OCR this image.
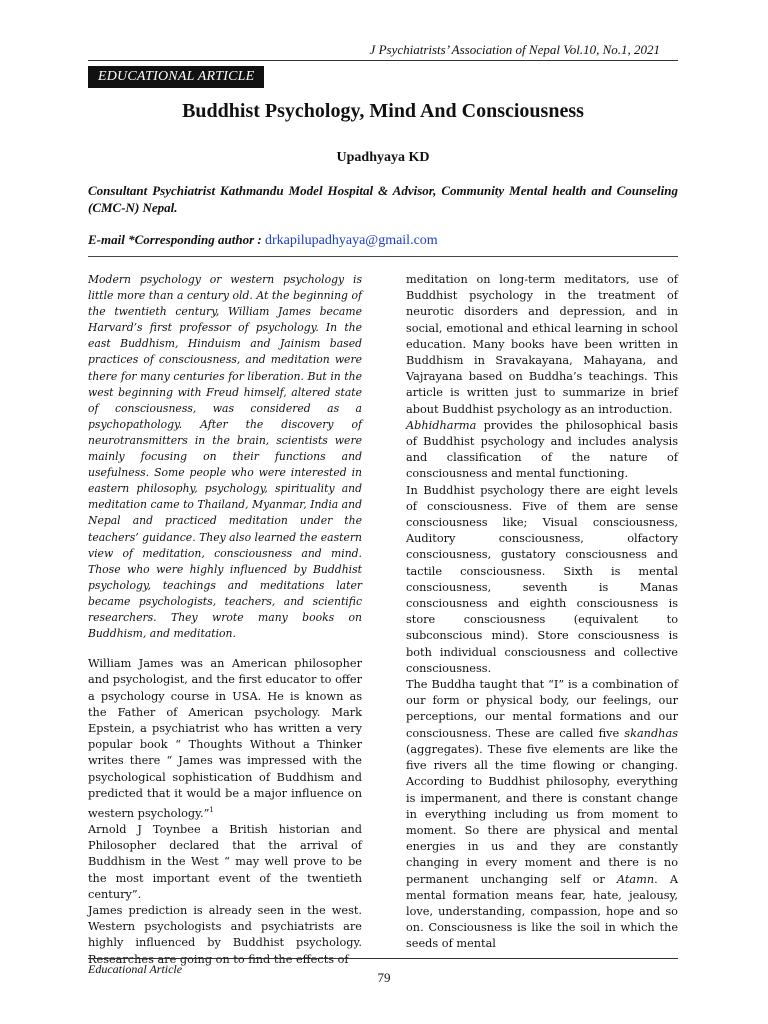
J Psychiatrists’ Association of Nepal Vol.10, No.1, 2021
EDUCATIONAL ARTICLE
Buddhist Psychology, Mind And Consciousness
Upadhyaya KD
Consultant Psychiatrist Kathmandu Model Hospital & Advisor, Community Mental health and Counseling (CMC-N) Nepal.
E-mail *Corresponding author : drkapilupadhyaya@gmail.com

Modern psychology or western psychology is little more than a century old. At the beginning of the twentieth century, William James became Harvard’s first professor of psychology. In the east Buddhism, Hinduism and Jainism based practices of consciousness, and meditation were there for many centuries for liberation. But in the west beginning with Freud himself, altered state of consciousness, was considered as a psychopathology. After the discovery of neurotransmitters in the brain, scientists were mainly focusing on their functions and usefulness. Some people who were interested in eastern philosophy, psychology, spirituality and meditation came to Thailand, Myanmar, India and Nepal and practiced meditation under the teachers’ guidance. They also learned the eastern view of meditation, consciousness and mind. Those who were highly influenced by Buddhist psychology, teachings and meditations later became psychologists, teachers, and scientific researchers. They wrote many books on Buddhism, and meditation.

William James was an American philosopher and psychologist, and the first educator to offer a psychology course in USA. He is known as the Father of American psychology. Mark Epstein, a psychiatrist who has written a very popular book “ Thoughts Without a Thinker writes there “ James was impressed with the psychological sophistication of Buddhism and predicted that it would be a major influence on western psychology.”$^1$

Arnold J Toynbee a British historian and Philosopher declared that the arrival of Buddhism in the West “ may well prove to be the most important event of the twentieth century”.

James prediction is already seen in the west. Western psychologists and psychiatrists are highly influenced by Buddhist psychology. Researches are going on to find the effects of

meditation on long-term meditators, use of Buddhist psychology in the treatment of neurotic disorders and depression, and in social, emotional and ethical learning in school education. Many books have been written in Buddhism in Sravakayana, Mahayana, and Vajrayana based on Buddha’s teachings. This article is written just to summarize in brief about Buddhist psychology as an introduction.

Abhidharma provides the philosophical basis of Buddhist psychology and includes analysis and classification of the nature of consciousness and mental functioning.

In Buddhist psychology there are eight levels of consciousness. Five of them are sense consciousness like; Visual consciousness, Auditory consciousness, olfactory consciousness, gustatory consciousness and tactile consciousness. Sixth is mental consciousness, seventh is Manas consciousness and eighth consciousness is store consciousness (equivalent to subconscious mind). Store consciousness is both individual consciousness and collective consciousness.

The Buddha taught that “I” is a combination of our form or physical body, our feelings, our perceptions, our mental formations and our consciousness. These are called five skandhas (aggregates). These five elements are like the five rivers all the time flowing or changing. According to Buddhist philosophy, everything is impermanent, and there is constant change in everything including us from moment to moment. So there are physical and mental energies in us and they are constantly changing in every moment and there is no permanent unchanging self or Atamn. A mental formation means fear, hate, jealousy, love, understanding, compassion, hope and so on. Consciousness is like the soil in which the seeds of mental

Educational Article
79
